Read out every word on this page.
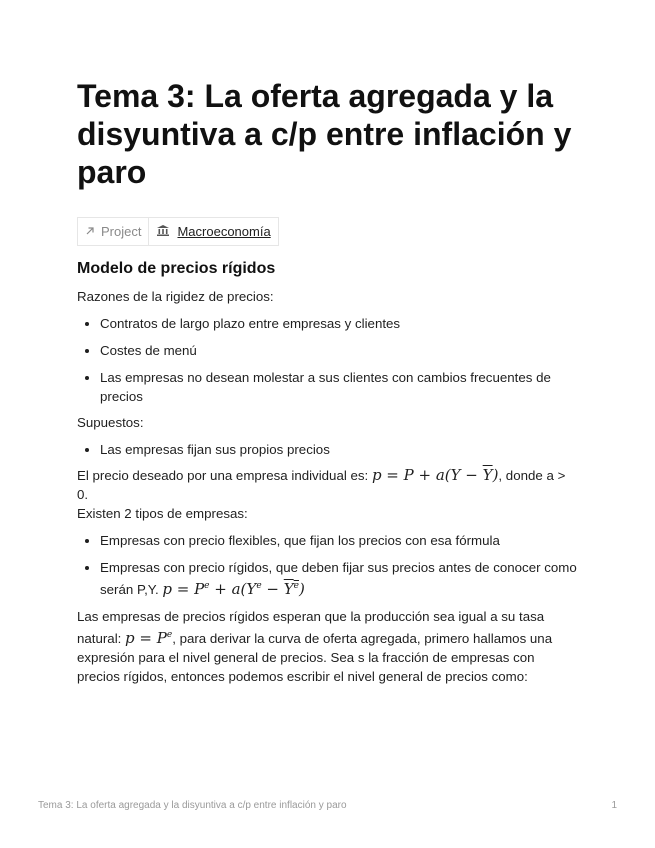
Tema 3: La oferta agregada y la disyuntiva a c/p entre inflación y paro
Project	Macroeconomía
Modelo de precios rígidos

Razones de la rigidez de precios:

• Contratos de largo plazo entre empresas y clientes
• Costes de menú
• Las empresas no desean molestar a sus clientes con cambios frecuentes de precios

Supuestos:

• Las empresas fijan sus propios precios

El precio deseado por una empresa individual es: $p = P + a(Y - \overline{Y})$, donde a > 0.

Existen 2 tipos de empresas:

• Empresas con precio flexibles, que fijan los precios con esa fórmula
• Empresas con precio rígidos, que deben fijar sus precios antes de conocer como serán P,Y. $p = P^e + a(Y^e - Y^e)$

Las empresas de precios rígidos esperan que la producción sea igual a su tasa natural: $p = P^e$, para derivar la curva de oferta agregada, primero hallamos una expresión para el nivel general de precios. Sea s la fracción de empresas con precios rígidos, entonces podemos escribir el nivel general de precios como:

Tema 3: La oferta agregada y la disyuntiva a c/p entre inflación y paro	1
